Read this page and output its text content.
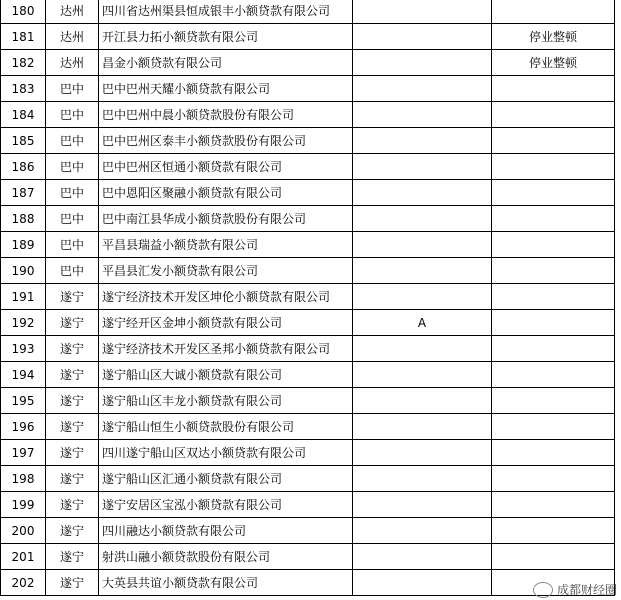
180	达州	四川省达州渠县恒成银丰小额贷款有限公司		
181	达州	开江县力拓小额贷款有限公司		停业整顿
182	达州	昌金小额贷款有限公司		停业整顿
183	巴中	巴中巴州天耀小额贷款有限公司		
184	巴中	巴中巴州中晨小额贷款股份有限公司		
185	巴中	巴中巴州区泰丰小额贷款股份有限公司		
186	巴中	巴中巴州区恒通小额贷款有限公司		
187	巴中	巴中恩阳区聚融小额贷款有限公司		
188	巴中	巴中南江县华成小额贷款股份有限公司		
189	巴中	平昌县瑞益小额贷款有限公司		
190	巴中	平昌县汇发小额贷款有限公司		
191	遂宁	遂宁经济技术开发区坤伦小额贷款有限公司		
192	遂宁	遂宁经开区金坤小额贷款有限公司	A	
193	遂宁	遂宁经济技术开发区圣邦小额贷款有限公司		
194	遂宁	遂宁船山区大诚小额贷款有限公司		
195	遂宁	遂宁船山区丰龙小额贷款有限公司		
196	遂宁	遂宁船山恒生小额贷款股份有限公司		
197	遂宁	四川遂宁船山区双达小额贷款有限公司		
198	遂宁	遂宁船山区汇通小额贷款有限公司		
199	遂宁	遂宁安居区宝泓小额贷款有限公司		
200	遂宁	四川融达小额贷款有限公司		
201	遂宁	射洪山融小额贷款股份有限公司		
202	遂宁	大英县共谊小额贷款有限公司			成都财经圈
